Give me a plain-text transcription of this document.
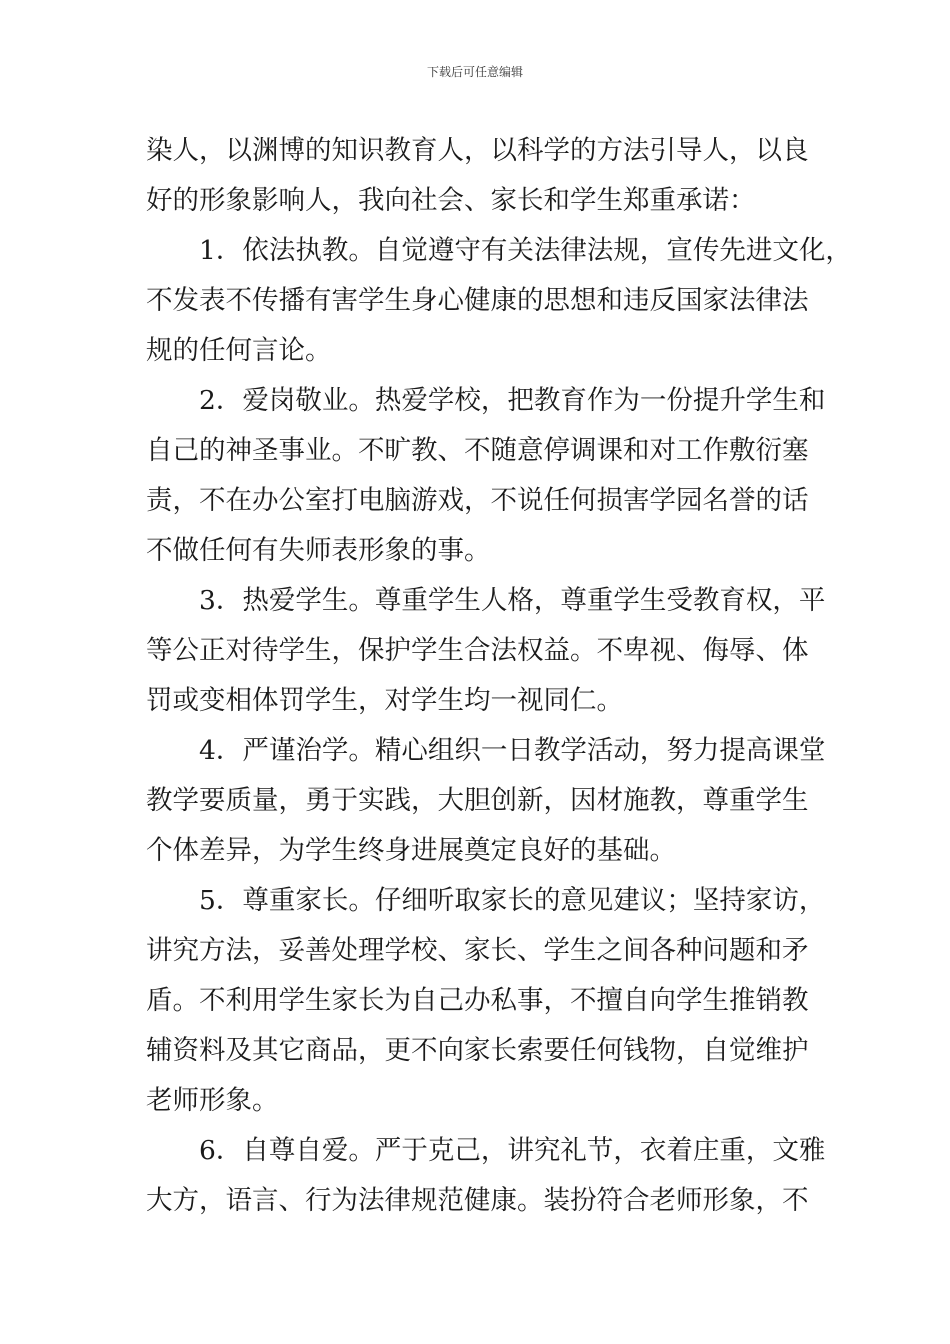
下载后可任意编辑
染人，以渊博的知识教育人，以科学的方法引导人，以良
好的形象影响人，我向社会、家长和学生郑重承诺：
1．依法执教。自觉遵守有关法律法规，宣传先进文化，
不发表不传播有害学生身心健康的思想和违反国家法律法
规的任何言论。
2．爱岗敬业。热爱学校，把教育作为一份提升学生和
自己的神圣事业。不旷教、不随意停调课和对工作敷衍塞
责，不在办公室打电脑游戏，不说任何损害学园名誉的话
不做任何有失师表形象的事。
3．热爱学生。尊重学生人格，尊重学生受教育权，平
等公正对待学生，保护学生合法权益。不卑视、侮辱、体
罚或变相体罚学生，对学生均一视同仁。
4．严谨治学。精心组织一日教学活动，努力提高课堂
教学要质量，勇于实践，大胆创新，因材施教，尊重学生
个体差异，为学生终身进展奠定良好的基础。
5．尊重家长。仔细听取家长的意见建议；坚持家访，
讲究方法，妥善处理学校、家长、学生之间各种问题和矛
盾。不利用学生家长为自己办私事，不擅自向学生推销教
辅资料及其它商品，更不向家长索要任何钱物，自觉维护
老师形象。
6．自尊自爱。严于克己，讲究礼节，衣着庄重，文雅
大方，语言、行为法律规范健康。装扮符合老师形象，不
